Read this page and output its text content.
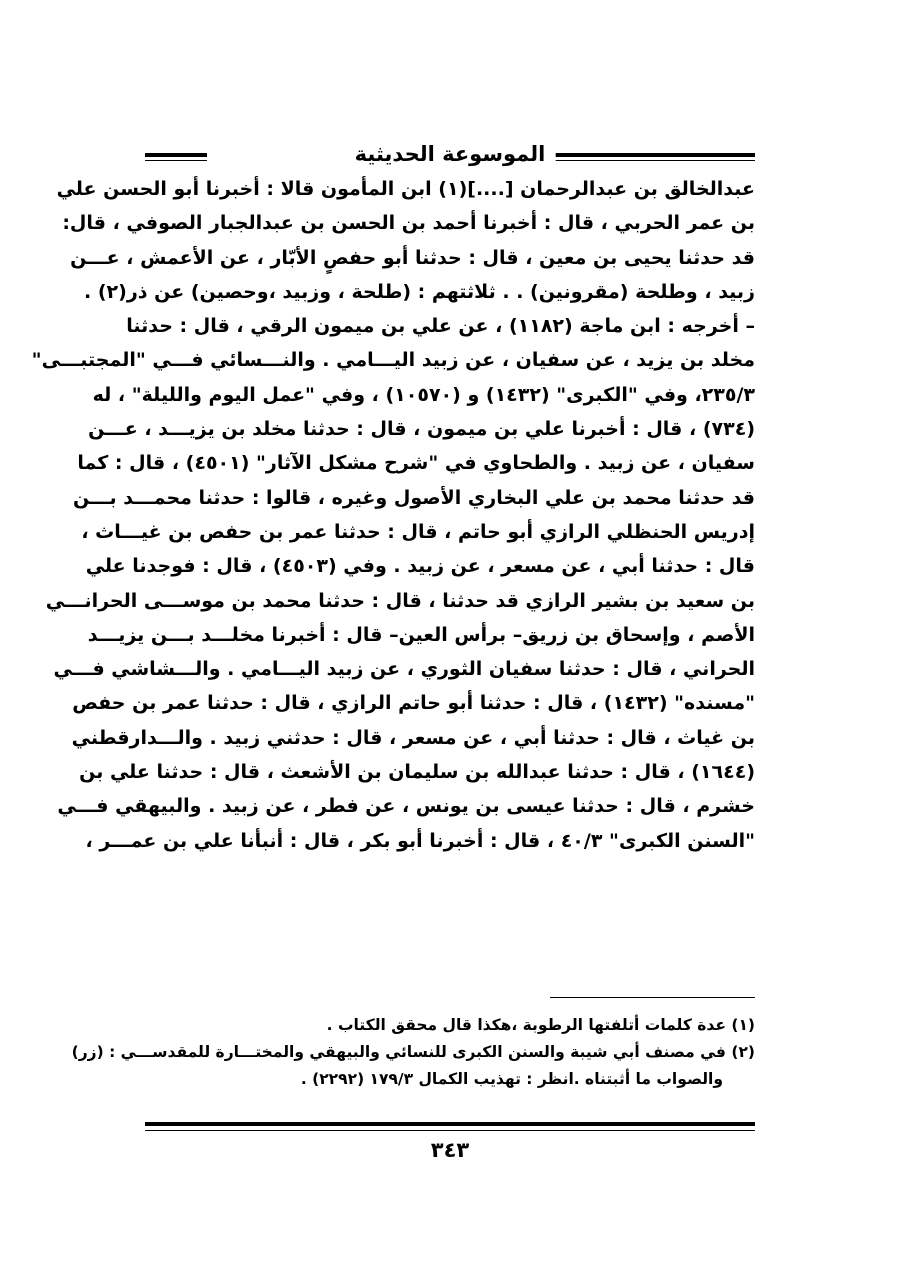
الموسوعة الحديثية
عبدالخالق بن عبدالرحمان [....](١) ابن المأمون قالا : أخبرنا أبو الحسن علي
بن عمر الحربي ، قال : أخبرنا أحمد بن الحسن بن عبدالجبار الصوفي ، قال:
قد حدثنا يحيى بن معين ، قال : حدثنا أبو حفصٍ الأبّار ، عن الأعمش ، عـــن
زبيد ، وطلحة (مقرونين) . . ثلاثتهم : (طلحة ، وزبيد ،وحصين) عن ذر(٢) .
– أخرجه : ابن ماجة (١١٨٢) ، عن علي بن ميمون الرقي ، قال : حدثنا
مخلد بن يزيد ، عن سفيان ، عن زبيد اليـــامي . والنـــسائي فـــي "المجتبـــى"
٢٣٥/٣، وفي "الكبرى" (١٤٣٢) و (١٠٥٧٠) ، وفي "عمل اليوم والليلة" ، له
(٧٣٤) ، قال : أخبرنا علي بن ميمون ، قال : حدثنا مخلد بن يزيـــد ، عـــن
سفيان ، عن زبيد . والطحاوي في "شرح مشكل الآثار" (٤٥٠١) ، قال : كما
قد حدثنا محمد بن علي البخاري الأصول وغيره ، قالوا : حدثنا محمـــد بـــن
إدريس الحنظلي الرازي أبو حاتم ، قال : حدثنا عمر بن حفص بن غيـــاث ،
قال : حدثنا أبي ، عن مسعر ، عن زبيد . وفي (٤٥٠٣) ، قال : فوجدنا علي
بن سعيد بن بشير الرازي قد حدثنا ، قال : حدثنا محمد بن موســـى الحرانـــي
الأصم ، وإسحاق بن زريق– برأس العين– قال : أخبرنا مخلـــد بـــن يزيـــد
الحراني ، قال : حدثنا سفيان الثوري ، عن زبيد اليـــامي . والـــشاشي فـــي
"مسنده" (١٤٣٢) ، قال : حدثنا أبو حاتم الرازي ، قال : حدثنا عمر بن حفص
بن غياث ، قال : حدثنا أبي ، عن مسعر ، قال : حدثني زبيد . والـــدارقطني
(١٦٤٤) ، قال : حدثنا عبدالله بن سليمان بن الأشعث ، قال : حدثنا علي بن
خشرم ، قال : حدثنا عيسى بن يونس ، عن فطر ، عن زبيد . والبيهقي فـــي
"السنن الكبرى" ٤٠/٣ ، قال : أخبرنا أبو بكر ، قال : أنبأنا علي بن عمـــر ،
(١) عدة كلمات أتلفتها الرطوبة ،هكذا قال محقق الكتاب .
(٢) في مصنف أبي شيبة والسنن الكبرى للنسائي والبيهقي والمختـــارة للمقدســـي : (زر)
والصواب ما أثبتناه .انظر : تهذيب الكمال ١٧٩/٣ (٢٢٩٢) .
٣٤٣
